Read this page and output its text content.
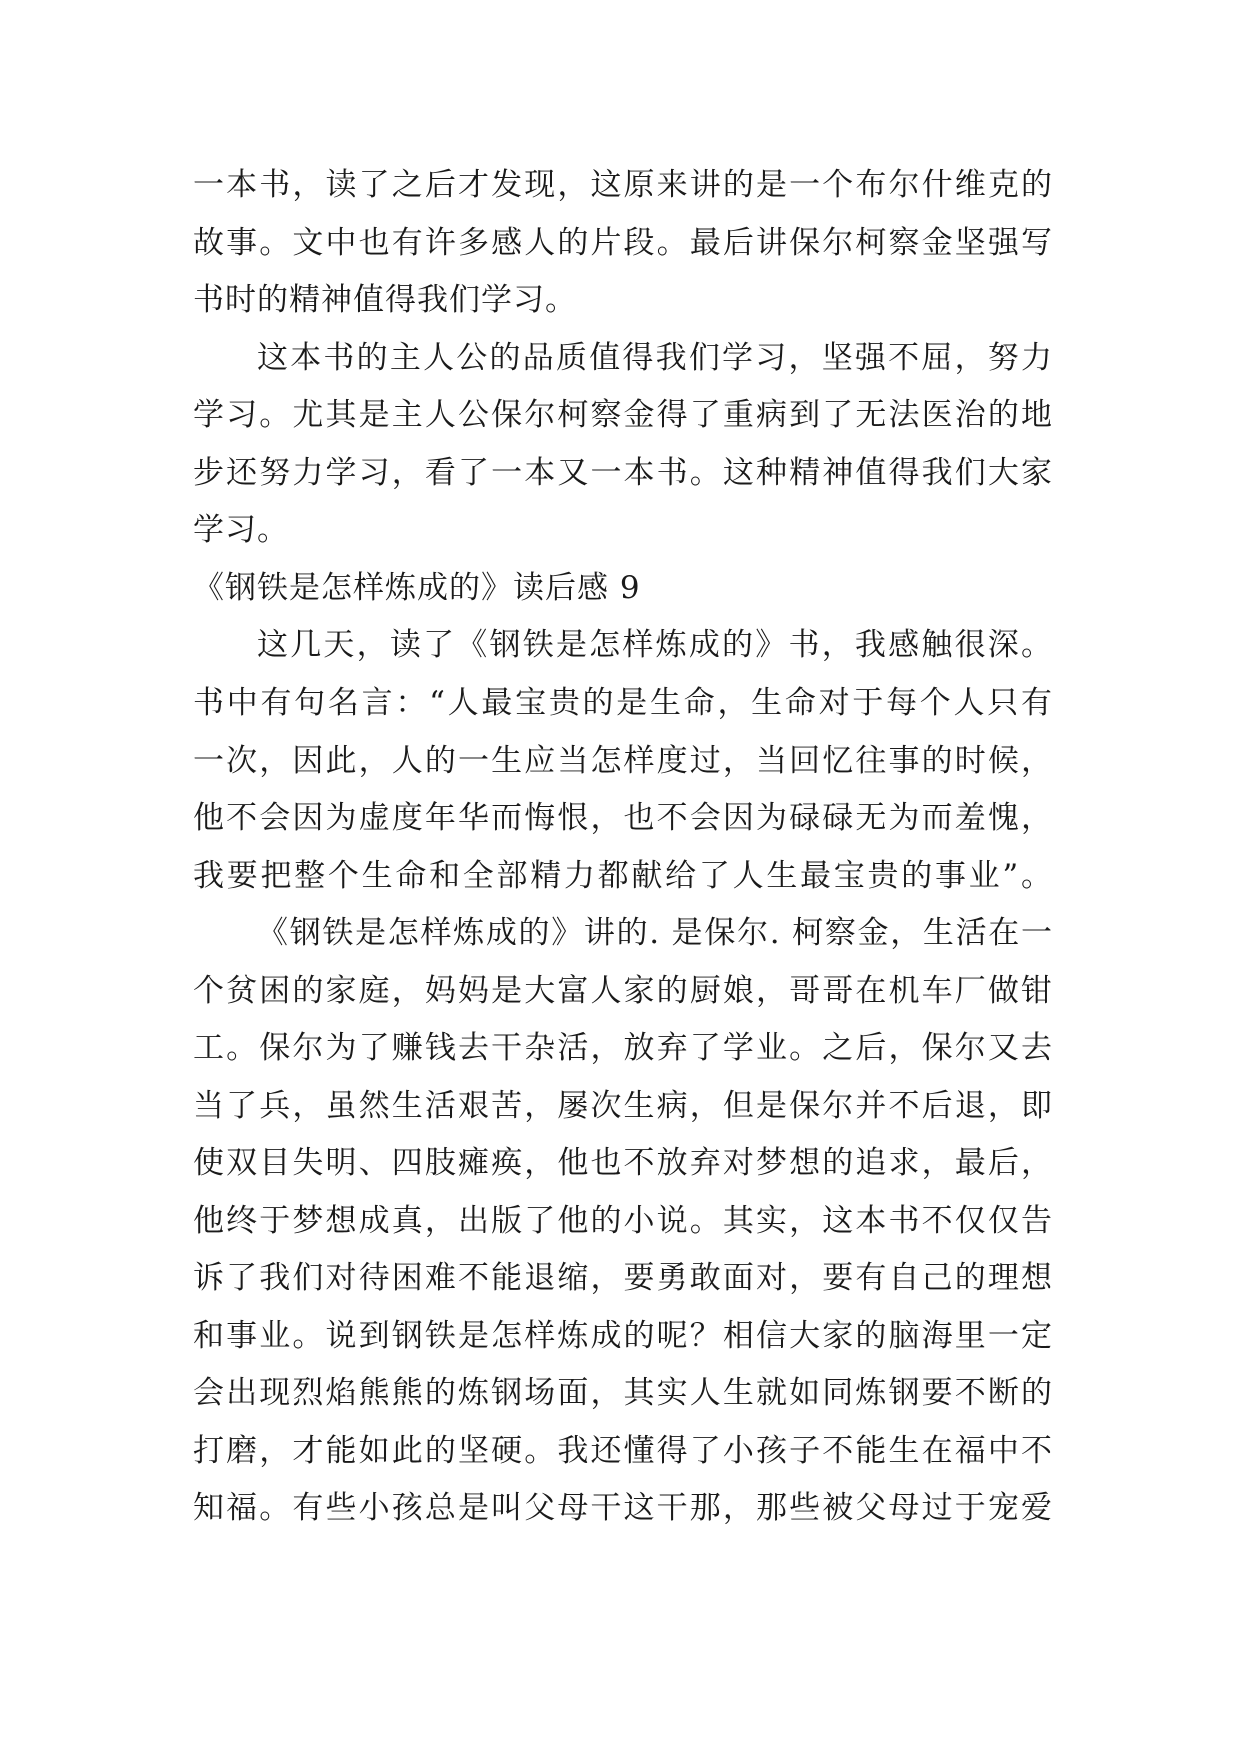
一本书，读了之后才发现，这原来讲的是一个布尔什维克的
故事。文中也有许多感人的片段。最后讲保尔柯察金坚强写
书时的精神值得我们学习。
这本书的主人公的品质值得我们学习，坚强不屈，努力
学习。尤其是主人公保尔柯察金得了重病到了无法医治的地
步还努力学习，看了一本又一本书。这种精神值得我们大家
学习。
《钢铁是怎样炼成的》读后感 9
这几天，读了《钢铁是怎样炼成的》书，我感触很深。
书中有句名言：“人最宝贵的是生命，生命对于每个人只有
一次，因此，人的一生应当怎样度过，当回忆往事的时候，
他不会因为虚度年华而悔恨，也不会因为碌碌无为而羞愧，
我要把整个生命和全部精力都献给了人生最宝贵的事业”。
《钢铁是怎样炼成的》讲的. 是保尔. 柯察金，生活在一
个贫困的家庭，妈妈是大富人家的厨娘，哥哥在机车厂做钳
工。保尔为了赚钱去干杂活，放弃了学业。之后，保尔又去
当了兵，虽然生活艰苦，屡次生病，但是保尔并不后退，即
使双目失明、四肢瘫痪，他也不放弃对梦想的追求，最后，
他终于梦想成真，出版了他的小说。其实，这本书不仅仅告
诉了我们对待困难不能退缩，要勇敢面对，要有自己的理想
和事业。说到钢铁是怎样炼成的呢？相信大家的脑海里一定
会出现烈焰熊熊的炼钢场面，其实人生就如同炼钢要不断的
打磨，才能如此的坚硬。我还懂得了小孩子不能生在福中不
知福。有些小孩总是叫父母干这干那，那些被父母过于宠爱
